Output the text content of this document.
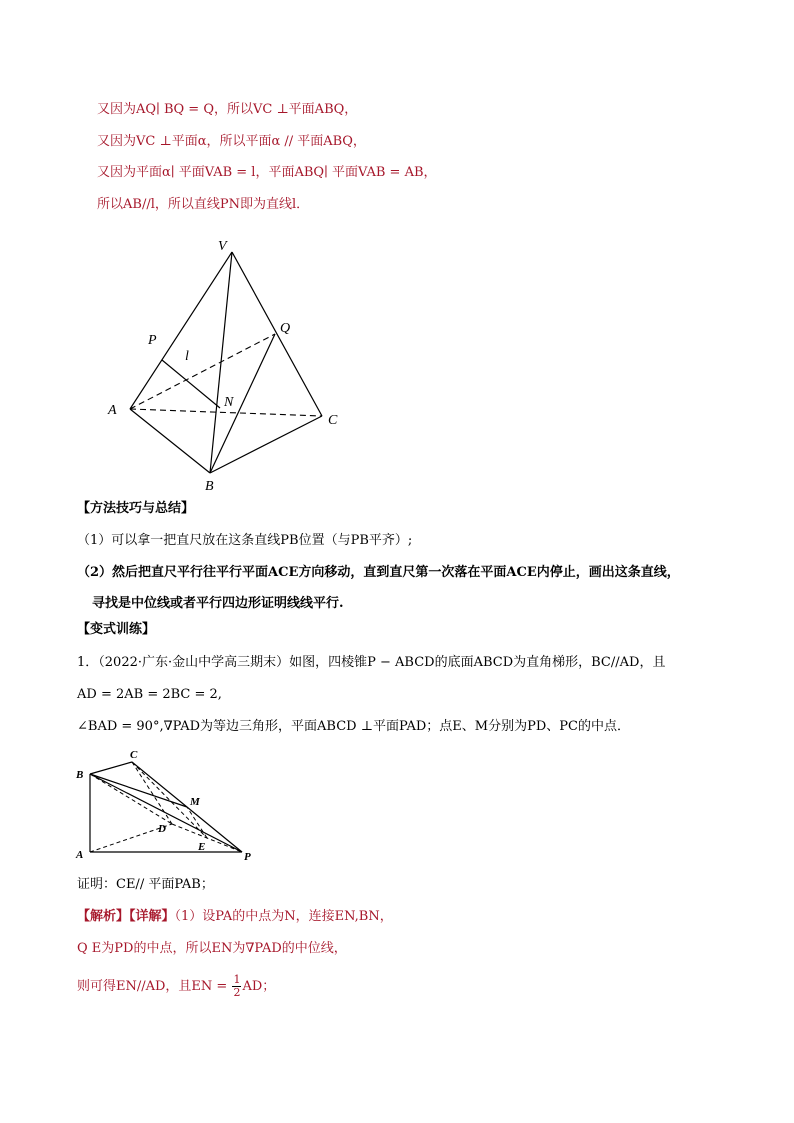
又因为AQ∣ BQ = Q，所以VC ⊥平面ABQ，
又因为VC ⊥平面α，所以平面α // 平面ABQ，
又因为平面α∣ 平面VAB = l，平面ABQ∣ 平面VAB = AB，
所以AB//l，所以直线PN即为直线l．
V
P
l
Q
A
N
C
B
【方法技巧与总结】
（1）可以拿一把直尺放在这条直线PB位置（与PB平齐）;
（2）然后把直尺平行往平行平面ACE方向移动，直到直尺第一次落在平面ACE内停止，画出这条直线，
寻找是中位线或者平行四边形证明线线平行.
【变式训练】
1．（2022·广东·金山中学高三期末）如图，四棱锥P − ABCD的底面ABCD为直角梯形，BC//AD，且
AD = 2AB = 2BC = 2,
∠BAD = 90°,∇PAD为等边三角形，平面ABCD ⊥平面PAD；点E、M分别为PD、PC的中点．
C
B
M
D
A
E
P
证明：CE// 平面PAB；
【解析】【详解】（1）设PA的中点为N，连接EN,BN，
Q E为PD的中点，所以EN为∇PAD的中位线，
则可得EN//AD，且EN = $\frac{1}{2}$ AD；
